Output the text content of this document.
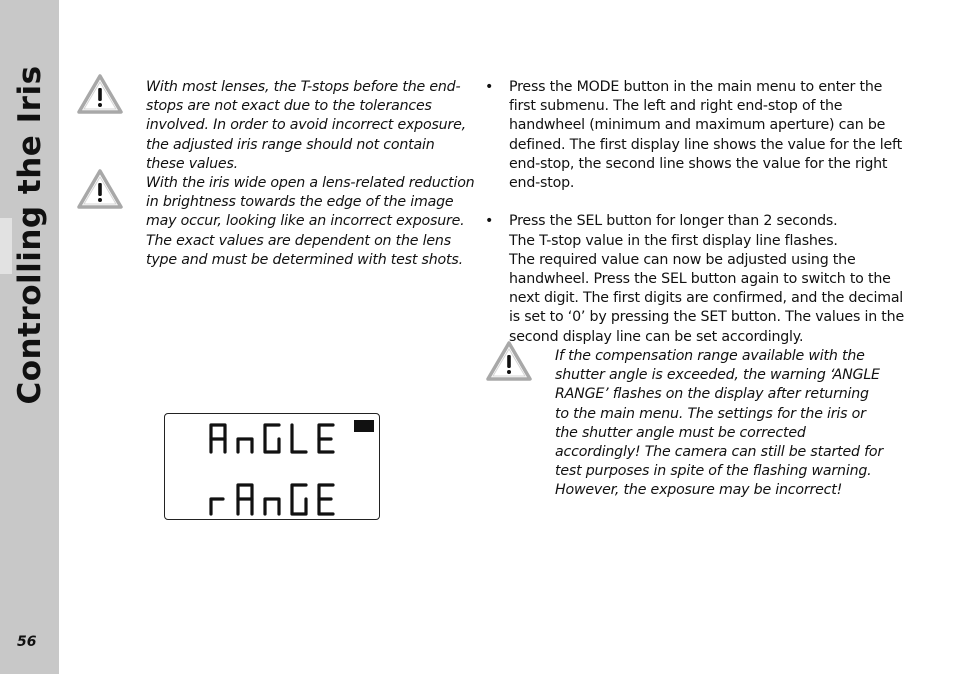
Controlling the Iris
56

With most lenses, the T-stops before the end-stops are not exact due to the tolerances involved. In order to avoid incorrect exposure, the adjusted iris range should not contain these values.

With the iris wide open a lens-related reduction in brightness towards the edge of the image may occur, looking like an incorrect exposure. The exact values are dependent on the lens type and must be determined with test shots.

• Press the MODE button in the main menu to enter the first submenu. The left and right end-stop of the handwheel (minimum and maximum aperture) can be defined. The first display line shows the value for the left end-stop, the second line shows the value for the right end-stop.
• Press the SEL button for longer than 2 seconds.
The T-stop value in the first display line flashes.
The required value can now be adjusted using the handwheel. Press the SEL button again to switch to the next digit. The first digits are confirmed, and the decimal is set to ‘0’ by pressing the SET button. The values in the second display line can be set accordingly.

If the compensation range available with the shutter angle is exceeded, the warning ‘ANGLE RANGE’ flashes on the display after returning to the main menu. The settings for the iris or the shutter angle must be corrected accordingly! The camera can still be started for test purposes in spite of the flashing warning. However, the exposure may be incorrect!
